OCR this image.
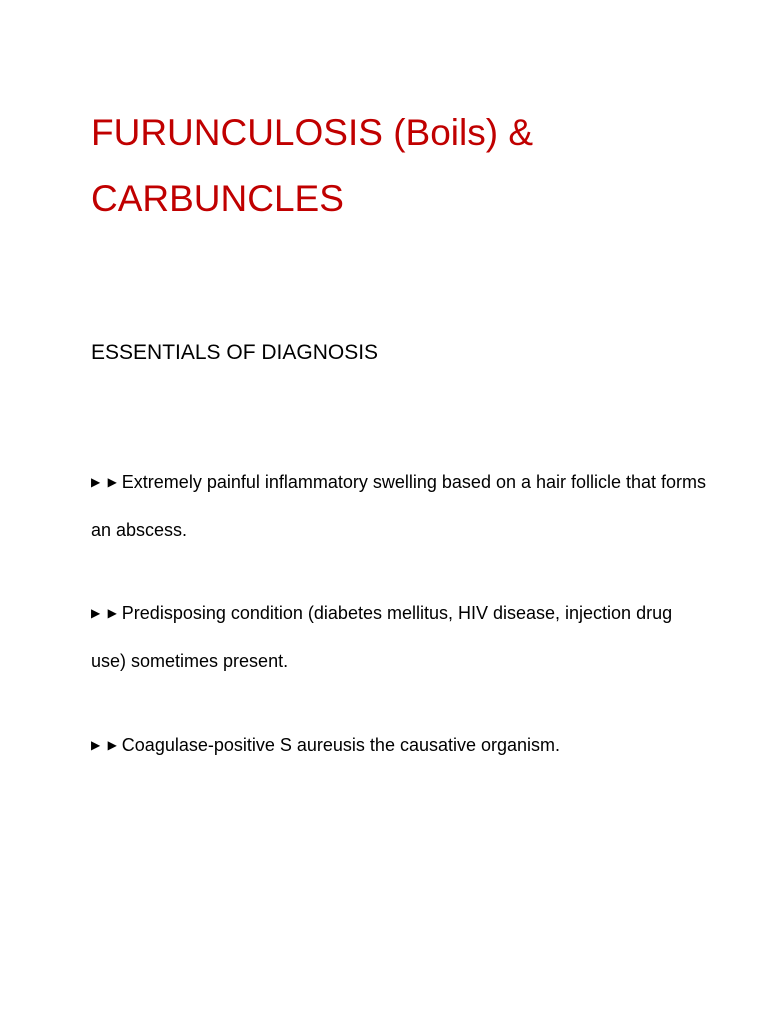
FURUNCULOSIS (Boils) & CARBUNCLES
ESSENTIALS OF DIAGNOSIS

▶ ▶ Extremely painful inflammatory swelling based on a hair follicle that forms an abscess.

▶ ▶ Predisposing condition (diabetes mellitus, HIV disease, injection drug use) sometimes present.

▶ ▶ Coagulase-positive S aureusis the causative organism.
